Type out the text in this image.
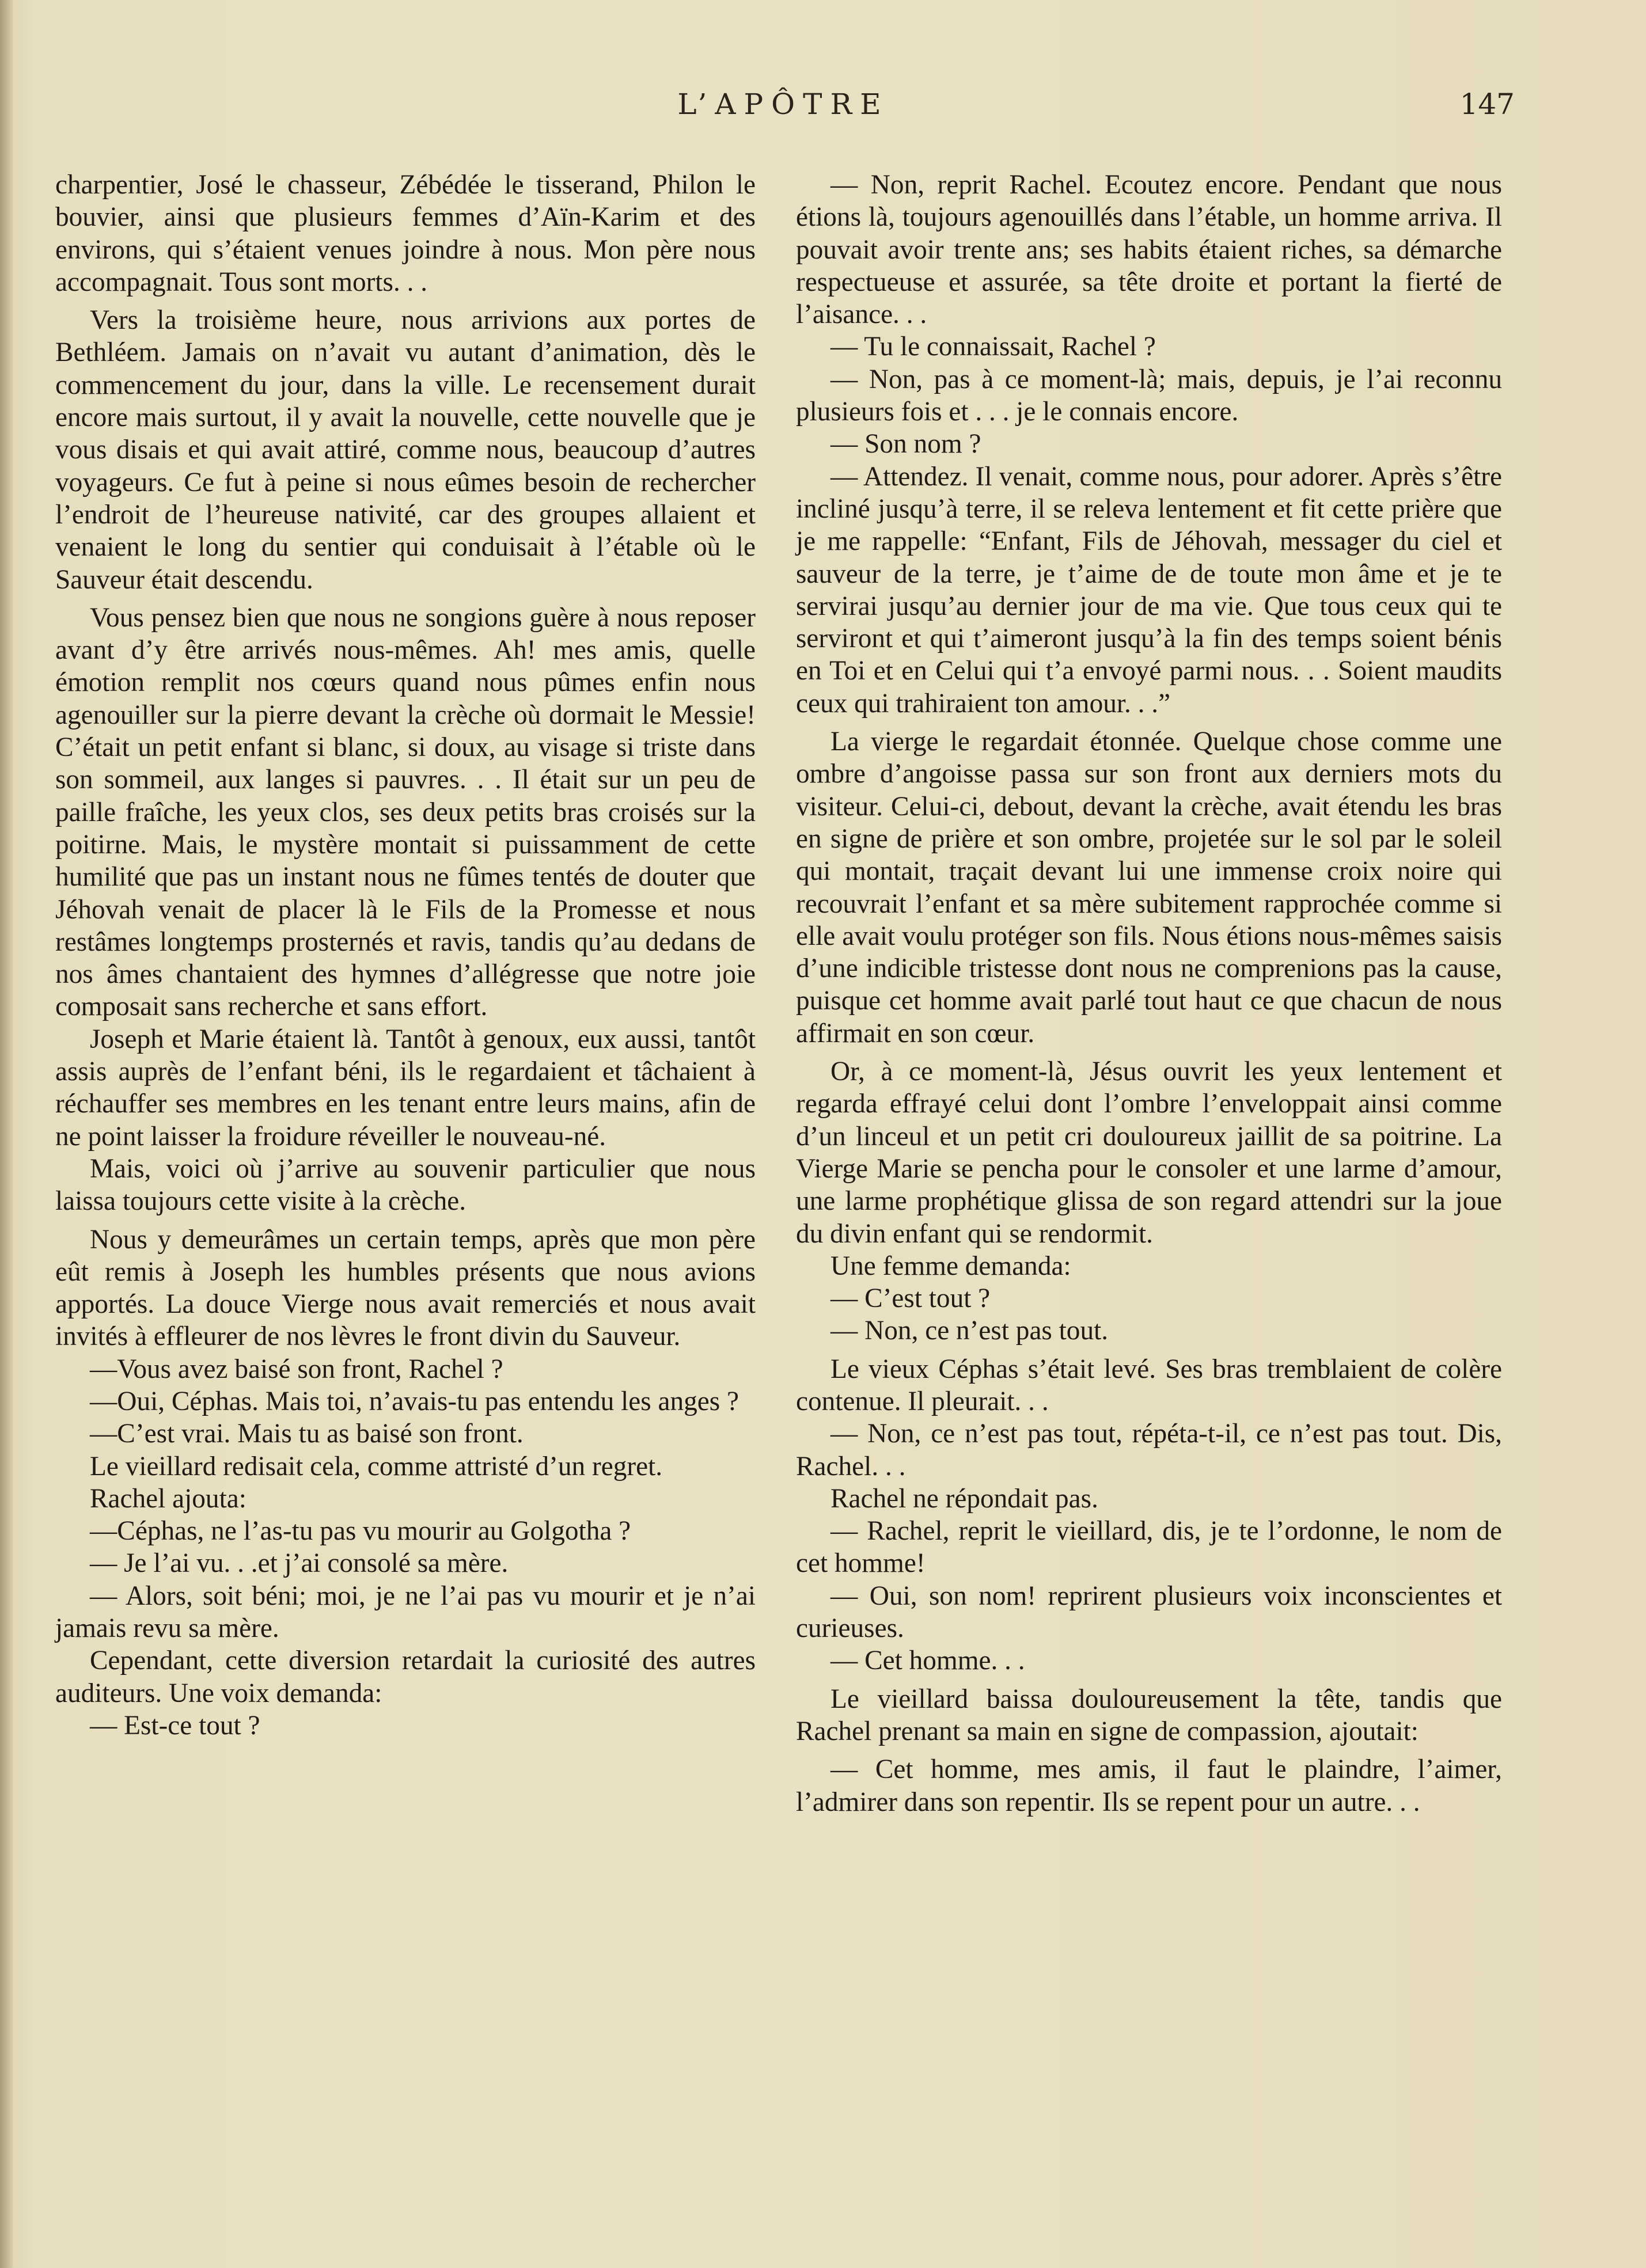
L’APÔTRE	147

charpentier, José le chasseur, Zébédée le tisserand, Philon le bouvier, ainsi que plusieurs femmes d’Aïn-Karim et des environs, qui s’étaient venues joindre à nous. Mon père nous accompagnait. Tous sont morts. . .

Vers la troisième heure, nous arrivions aux portes de Bethléem. Jamais on n’avait vu autant d’animation, dès le commencement du jour, dans la ville. Le recensement durait encore mais surtout, il y avait la nouvelle, cette nouvelle que je vous disais et qui avait attiré, comme nous, beaucoup d’autres voyageurs. Ce fut à peine si nous eûmes besoin de rechercher l’endroit de l’heureuse nativité, car des groupes allaient et venaient le long du sentier qui conduisait à l’étable où le Sauveur était descendu.

Vous pensez bien que nous ne songions guère à nous reposer avant d’y être arrivés nous-mêmes. Ah! mes amis, quelle émotion remplit nos cœurs quand nous pûmes enfin nous agenouiller sur la pierre devant la crèche où dormait le Messie! C’était un petit enfant si blanc, si doux, au visage si triste dans son sommeil, aux langes si pauvres. . . Il était sur un peu de paille fraîche, les yeux clos, ses deux petits bras croisés sur la poitirne. Mais, le mystère montait si puissamment de cette humilité que pas un instant nous ne fûmes tentés de douter que Jéhovah venait de placer là le Fils de la Promesse et nous restâmes longtemps prosternés et ravis, tandis qu’au dedans de nos âmes chantaient des hymnes d’allégresse que notre joie composait sans recherche et sans effort.

Joseph et Marie étaient là. Tantôt à genoux, eux aussi, tantôt assis auprès de l’enfant béni, ils le regardaient et tâchaient à réchauffer ses membres en les tenant entre leurs mains, afin de ne point laisser la froidure réveiller le nouveau-né.

Mais, voici où j’arrive au souvenir particulier que nous laissa toujours cette visite à la crèche.

Nous y demeurâmes un certain temps, après que mon père eût remis à Joseph les humbles présents que nous avions apportés. La douce Vierge nous avait remerciés et nous avait invités à effleurer de nos lèvres le front divin du Sauveur.

—Vous avez baisé son front, Rachel ?

—Oui, Céphas. Mais toi, n’avais-tu pas entendu les anges ?

—C’est vrai. Mais tu as baisé son front.

Le vieillard redisait cela, comme attristé d’un regret.

Rachel ajouta:

—Céphas, ne l’as-tu pas vu mourir au Golgotha ?

— Je l’ai vu. . .et j’ai consolé sa mère.

— Alors, soit béni; moi, je ne l’ai pas vu mourir et je n’ai jamais revu sa mère.

Cependant, cette diversion retardait la curiosité des autres auditeurs. Une voix demanda:

— Est-ce tout ?

— Non, reprit Rachel. Ecoutez encore. Pendant que nous étions là, toujours agenouillés dans l’étable, un homme arriva. Il pouvait avoir trente ans; ses habits étaient riches, sa démarche respectueuse et assurée, sa tête droite et portant la fierté de l’aisance. . .

— Tu le connaissait, Rachel ?

— Non, pas à ce moment-là; mais, depuis, je l’ai reconnu plusieurs fois et . . . je le connais encore.

— Son nom ?

— Attendez. Il venait, comme nous, pour adorer. Après s’être incliné jusqu’à terre, il se releva lentement et fit cette prière que je me rappelle: “Enfant, Fils de Jéhovah, messager du ciel et sauveur de la terre, je t’aime de de toute mon âme et je te servirai jusqu’au dernier jour de ma vie. Que tous ceux qui te serviront et qui t’aimeront jusqu’à la fin des temps soient bénis en Toi et en Celui qui t’a envoyé parmi nous. . . Soient maudits ceux qui trahiraient ton amour. . .”

La vierge le regardait étonnée. Quelque chose comme une ombre d’angoisse passa sur son front aux derniers mots du visiteur. Celui-ci, debout, devant la crèche, avait étendu les bras en signe de prière et son ombre, projetée sur le sol par le soleil qui montait, traçait devant lui une immense croix noire qui recouvrait l’enfant et sa mère subitement rapprochée comme si elle avait voulu protéger son fils. Nous étions nous-mêmes saisis d’une indicible tristesse dont nous ne comprenions pas la cause, puisque cet homme avait parlé tout haut ce que chacun de nous affirmait en son cœur.

Or, à ce moment-là, Jésus ouvrit les yeux lentement et regarda effrayé celui dont l’ombre l’enveloppait ainsi comme d’un linceul et un petit cri douloureux jaillit de sa poitrine. La Vierge Marie se pencha pour le consoler et une larme d’amour, une larme prophétique glissa de son regard attendri sur la joue du divin enfant qui se rendormit.

Une femme demanda:

— C’est tout ?

— Non, ce n’est pas tout.

Le vieux Céphas s’était levé. Ses bras tremblaient de colère contenue. Il pleurait. . .

— Non, ce n’est pas tout, répéta-t-il, ce n’est pas tout. Dis, Rachel. . .

Rachel ne répondait pas.

— Rachel, reprit le vieillard, dis, je te l’ordonne, le nom de cet homme!

— Oui, son nom! reprirent plusieurs voix inconscientes et curieuses.

— Cet homme. . .

Le vieillard baissa douloureusement la tête, tandis que Rachel prenant sa main en signe de compassion, ajoutait:

— Cet homme, mes amis, il faut le plaindre, l’aimer, l’admirer dans son repentir. Ils se repent pour un autre. . .
